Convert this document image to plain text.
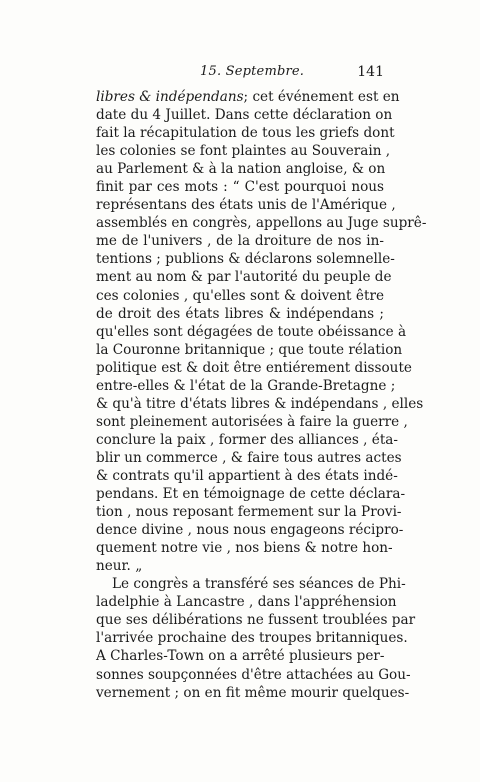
15. Septembre.	141
libres & indépendans; cet événement est en
date du 4 Juillet. Dans cette déclaration on
fait la récapitulation de tous les griefs dont
les colonies se font plaintes au Souverain ,
au Parlement & à la nation angloise, & on
finit par ces mots : “ C'est pourquoi nous
représentans des états unis de l'Amérique ,
assemblés en congrès, appellons au Juge suprê-
me de l'univers , de la droiture de nos in-
tentions ; publions & déclarons solemnelle-
ment au nom & par l'autorité du peuple de
ces colonies , qu'elles sont & doivent être
de droit des états libres & indépendans ;
qu'elles sont dégagées de toute obéissance à
la Couronne britannique ; que toute rélation
politique est & doit être entiérement dissoute
entre-elles & l'état de la Grande-Bretagne ;
& qu'à titre d'états libres & indépendans , elles
sont pleinement autorisées à faire la guerre ,
conclure la paix , former des alliances , éta-
blir un commerce , & faire tous autres actes
& contrats qu'il appartient à des états indé-
pendans. Et en témoignage de cette déclara-
tion , nous reposant fermement sur la Provi-
dence divine , nous nous engageons récipro-
quement notre vie , nos biens & notre hon-
neur. „
Le congrès a transféré ses séances de Phi-
ladelphie à Lancastre , dans l'appréhension
que ses délibérations ne fussent troublées par
l'arrivée prochaine des troupes britanniques.
A Charles-Town on a arrêté plusieurs per-
sonnes soupçonnées d'être attachées au Gou-
vernement ; on en fit même mourir quelques-
